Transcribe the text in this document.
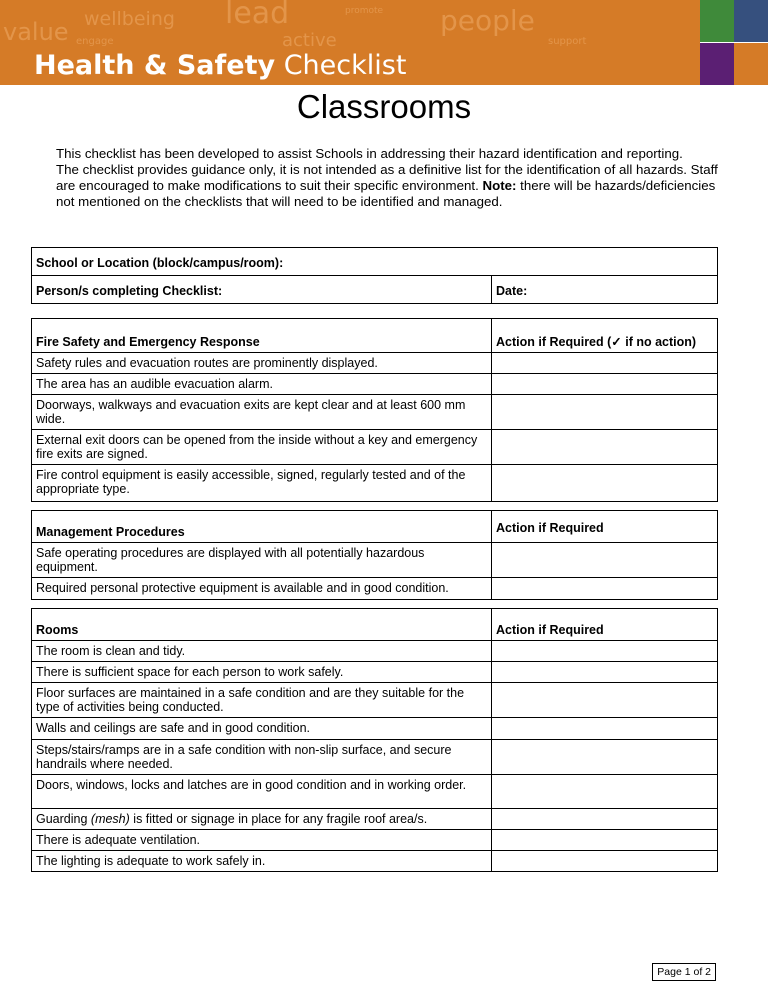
value wellbeing lead	promote people
engage	active	support
Health & Safety Checklist
Classrooms
This checklist has been developed to assist Schools in addressing their hazard identification and reporting.
The checklist provides guidance only, it is not intended as a definitive list for the identification of all hazards. Staff are encouraged to make modifications to suit their specific environment. Note: there will be hazards/deficiencies not mentioned on the checklists that will need to be identified and managed.
School or Location (block/campus/room):
Person/s completing Checklist:	Date:
Fire Safety and Emergency Response	Action if Required (✓ if no action)
Safety rules and evacuation routes are prominently displayed.	
The area has an audible evacuation alarm.	
Doorways, walkways and evacuation exits are kept clear and at least 600 mm wide.	
External exit doors can be opened from the inside without a key and emergency fire exits are signed.	
Fire control equipment is easily accessible, signed, regularly tested and of the appropriate type.	
Management Procedures	Action if Required
Safe operating procedures are displayed with all potentially hazardous equipment.	
Required personal protective equipment is available and in good condition.	
Rooms	Action if Required
The room is clean and tidy.	
There is sufficient space for each person to work safely.	
Floor surfaces are maintained in a safe condition and are they suitable for the type of activities being conducted.	
Walls and ceilings are safe and in good condition.	
Steps/stairs/ramps are in a safe condition with non-slip surface, and secure handrails where needed.	
Doors, windows, locks and latches are in good condition and in working order.	
Guarding (mesh) is fitted or signage in place for any fragile roof area/s.	
There is adequate ventilation.	
The lighting is adequate to work safely in.	
Page 1 of 2
